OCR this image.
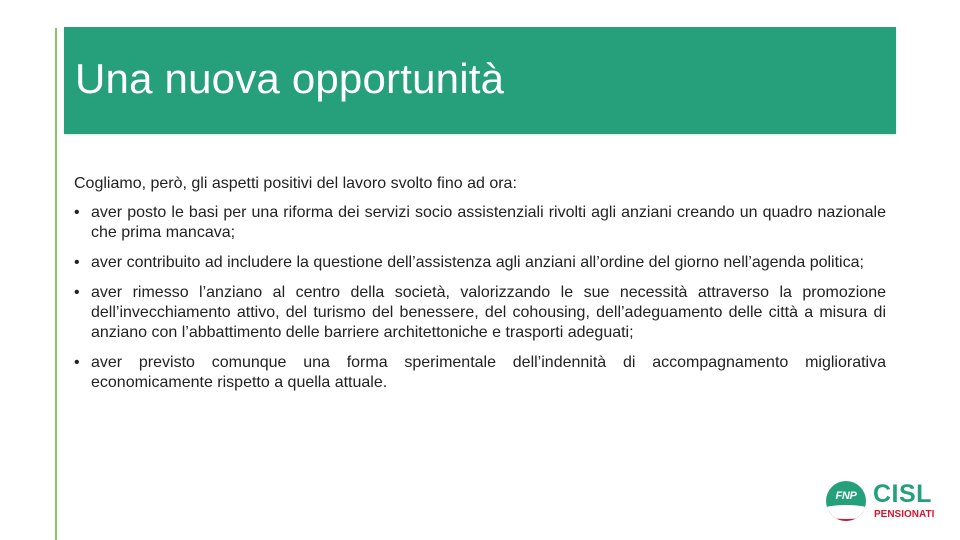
Una nuova opportunità

Cogliamo, però, gli aspetti positivi del lavoro svolto fino ad ora:

• aver posto le basi per una riforma dei servizi socio assistenziali rivolti agli anziani creando un quadro nazionale che prima mancava;
• aver contribuito ad includere la questione dell’assistenza agli anziani all’ordine del giorno nell’agenda politica;
• aver rimesso l’anziano al centro della società, valorizzando le sue necessità attraverso la promozione dell’invecchiamento attivo, del turismo del benessere, del cohousing, dell’adeguamento delle città a misura di anziano con l’abbattimento delle barriere architettoniche e trasporti adeguati;
• aver previsto comunque una forma sperimentale dell’indennità di accompagnamento migliorativa economicamente rispetto a quella attuale.
FNP CISL
PENSIONATI
